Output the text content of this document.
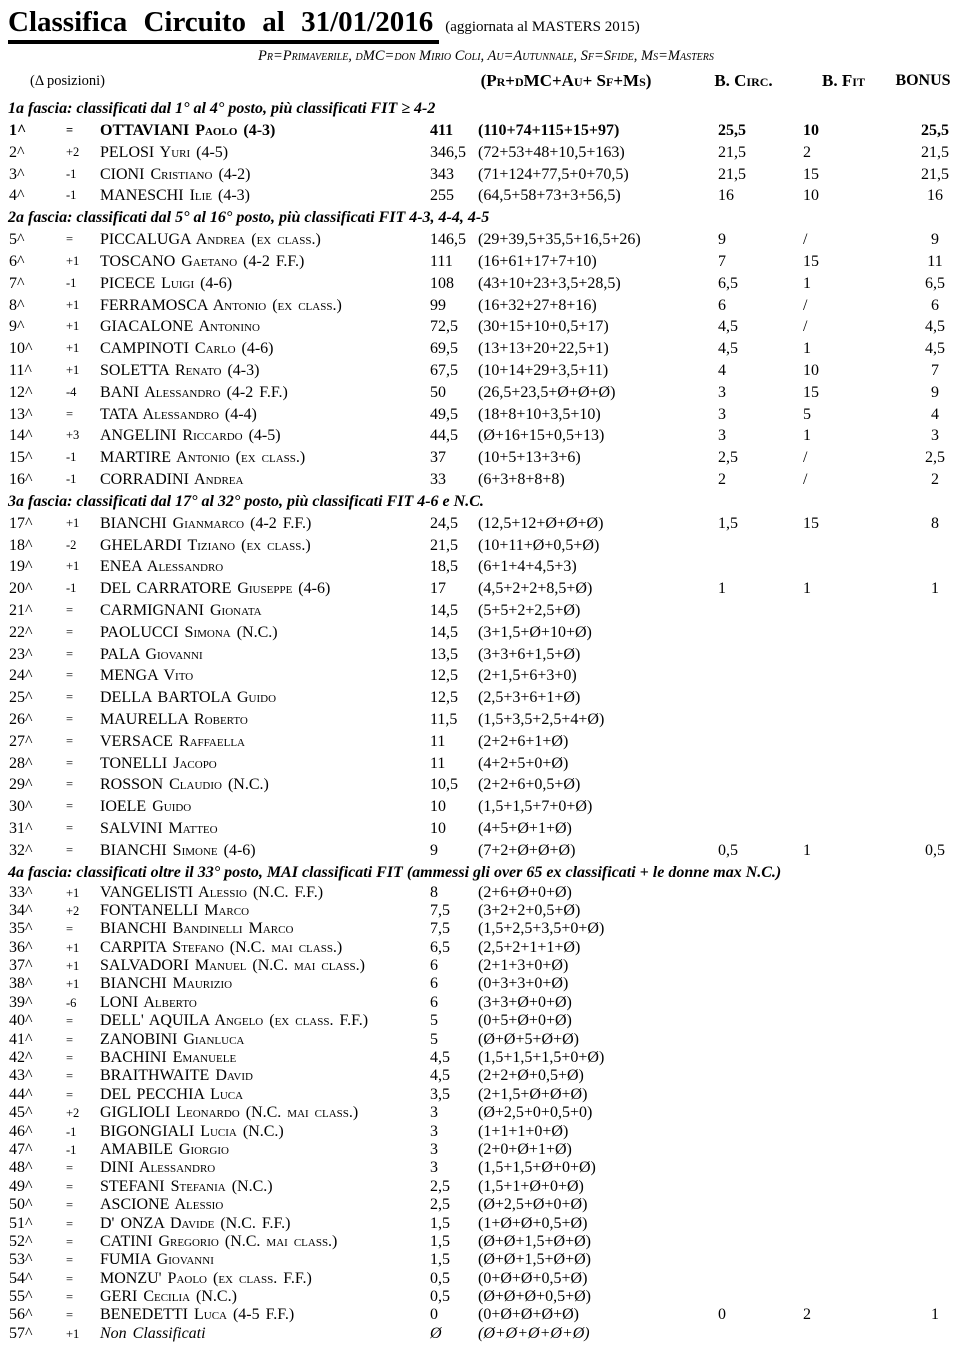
Classifica Circuito al 31/01/2016 (aggiornata al MASTERS 2015)
Pr=Primaverile, dMC=don Mirio Coli, Au=Autunnale, Sf=Sfide, Ms=Masters
(Δ posizioni)	(Pr+dMC+Au+ Sf+Ms)	B. Circ.	B. Fit	BONUS
1a fascia: classificati dal 1° al 4° posto, più classificati FIT ≥ 4-2
1^	=	OTTAVIANI Paolo (4-3)	411	(110+74+115+15+97)	25,5	10	25,5
2^	+2	PELOSI Yuri (4-5)	346,5 (72+53+48+10,5+163)	21,5	2	21,5
3^	-1	CIONI Cristiano (4-2)	343	(71+124+77,5+0+70,5)	21,5	15	21,5
4^	-1	MANESCHI Ilie (4-3)	255	(64,5+58+73+3+56,5)	16	10	16
2a fascia: classificati dal 5° al 16° posto, più classificati FIT 4-3, 4-4, 4-5
5^	=	PICCALUGA Andrea (ex class.)	146,5 (29+39,5+35,5+16,5+26)	9	/	9
6^	+1	TOSCANO Gaetano (4-2 F.F.)	111	(16+61+17+7+10)	7	15	11
7^	-1	PICECE Luigi (4-6)	108	(43+10+23+3,5+28,5)	6,5	1	6,5
8^	+1	FERRAMOSCA Antonio (ex class.)	99	(16+32+27+8+16)	6	/	6
9^	+1	GIACALONE Antonino	72,5	(30+15+10+0,5+17)	4,5	/	4,5
10^	+1	CAMPINOTI Carlo (4-6)	69,5	(13+13+20+22,5+1)	4,5	1	4,5
11^	+1	SOLETTA Renato (4-3)	67,5	(10+14+29+3,5+11)	4	10	7
12^	-4	BANI Alessandro (4-2 F.F.)	50	(26,5+23,5+Ø+Ø+Ø)	3	15	9
13^	=	TATA Alessandro (4-4)	49,5	(18+8+10+3,5+10)	3	5	4
14^	+3	ANGELINI Riccardo (4-5)	44,5	(Ø+16+15+0,5+13)	3	1	3
15^	-1	MARTIRE Antonio (ex class.)	37	(10+5+13+3+6)	2,5	/	2,5
16^	-1	CORRADINI Andrea	33	(6+3+8+8+8)	2	/	2
3a fascia: classificati dal 17° al 32° posto, più classificati FIT 4-6 e N.C.
17^	+1	BIANCHI Gianmarco (4-2 F.F.)	24,5	(12,5+12+Ø+Ø+Ø)	1,5	15	8
18^	-2	GHELARDI Tiziano (ex class.)	21,5	(10+11+Ø+0,5+Ø)
19^	+1	ENEA Alessandro	18,5	(6+1+4+4,5+3)
20^	-1	DEL CARRATORE Giuseppe (4-6)	17	(4,5+2+2+8,5+Ø)	1	1	1
21^	=	CARMIGNANI Gionata	14,5	(5+5+2+2,5+Ø)
22^	=	PAOLUCCI Simona (N.C.)	14,5	(3+1,5+Ø+10+Ø)
23^	=	PALA Giovanni	13,5	(3+3+6+1,5+Ø)
24^	=	MENGA Vito	12,5	(2+1,5+6+3+0)
25^	=	DELLA BARTOLA Guido	12,5	(2,5+3+6+1+Ø)
26^	=	MAURELLA Roberto	11,5	(1,5+3,5+2,5+4+Ø)
27^	=	VERSACE Raffaella	11	(2+2+6+1+Ø)
28^	=	TONELLI Jacopo	11	(4+2+5+0+Ø)
29^	=	ROSSON Claudio (N.C.)	10,5	(2+2+6+0,5+Ø)
30^	=	IOELE Guido	10	(1,5+1,5+7+0+Ø)
31^	=	SALVINI Matteo	10	(4+5+Ø+1+Ø)
32^	=	BIANCHI Simone (4-6)	9	(7+2+Ø+Ø+Ø)	0,5	1	0,5
4a fascia: classificati oltre il 33° posto, MAI classificati FIT (ammessi gli over 65 ex classificati + le donne max N.C.)
33^	+1	VANGELISTI Alessio (N.C. F.F.)	8	(2+6+Ø+0+Ø)
34^	+2	FONTANELLI Marco	7,5	(3+2+2+0,5+Ø)
35^	=	BIANCHI Bandinelli Marco	7,5	(1,5+2,5+3,5+0+Ø)
36^	+1	CARPITA Stefano (N.C. mai class.)	6,5	(2,5+2+1+1+Ø)
37^	+1	SALVADORI Manuel (N.C. mai class.)	6	(2+1+3+0+Ø)
38^	+1	BIANCHI Maurizio	6	(0+3+3+0+Ø)
39^	-6	LONI Alberto	6	(3+3+Ø+0+Ø)
40^	=	DELL' AQUILA Angelo (ex class. F.F.)	5	(0+5+Ø+0+Ø)
41^	=	ZANOBINI Gianluca	5	(Ø+Ø+5+Ø+Ø)
42^	=	BACHINI Emanuele	4,5	(1,5+1,5+1,5+0+Ø)
43^	=	BRAITHWAITE David	4,5	(2+2+Ø+0,5+Ø)
44^	=	DEL PECCHIA Luca	3,5	(2+1,5+Ø+Ø+Ø)
45^	+2	GIGLIOLI Leonardo (N.C. mai class.)	3	(Ø+2,5+0+0,5+0)
46^	-1	BIGONGIALI Lucia (N.C.)	3	(1+1+1+0+Ø)
47^	-1	AMABILE Giorgio	3	(2+0+Ø+1+Ø)
48^	=	DINI Alessandro	3	(1,5+1,5+Ø+0+Ø)
49^	=	STEFANI Stefania (N.C.)	2,5	(1,5+1+Ø+0+Ø)
50^	=	ASCIONE Alessio	2,5	(Ø+2,5+Ø+0+Ø)
51^	=	D' ONZA Davide (N.C. F.F.)	1,5	(1+Ø+Ø+0,5+Ø)
52^	=	CATINI Gregorio (N.C. mai class.)	1,5	(Ø+Ø+1,5+Ø+Ø)
53^	=	FUMIA Giovanni	1,5	(Ø+Ø+1,5+Ø+Ø)
54^	=	MONZU' Paolo (ex class. F.F.)	0,5	(0+Ø+Ø+0,5+Ø)
55^	=	GERI Cecilia (N.C.)	0,5	(Ø+Ø+Ø+0,5+Ø)
56^	=	BENEDETTI Luca (4-5 F.F.)	0	(0+Ø+Ø+Ø+Ø)	0	2	1
57^	+1	Non Classificati	Ø	(Ø+Ø+Ø+Ø+Ø)
